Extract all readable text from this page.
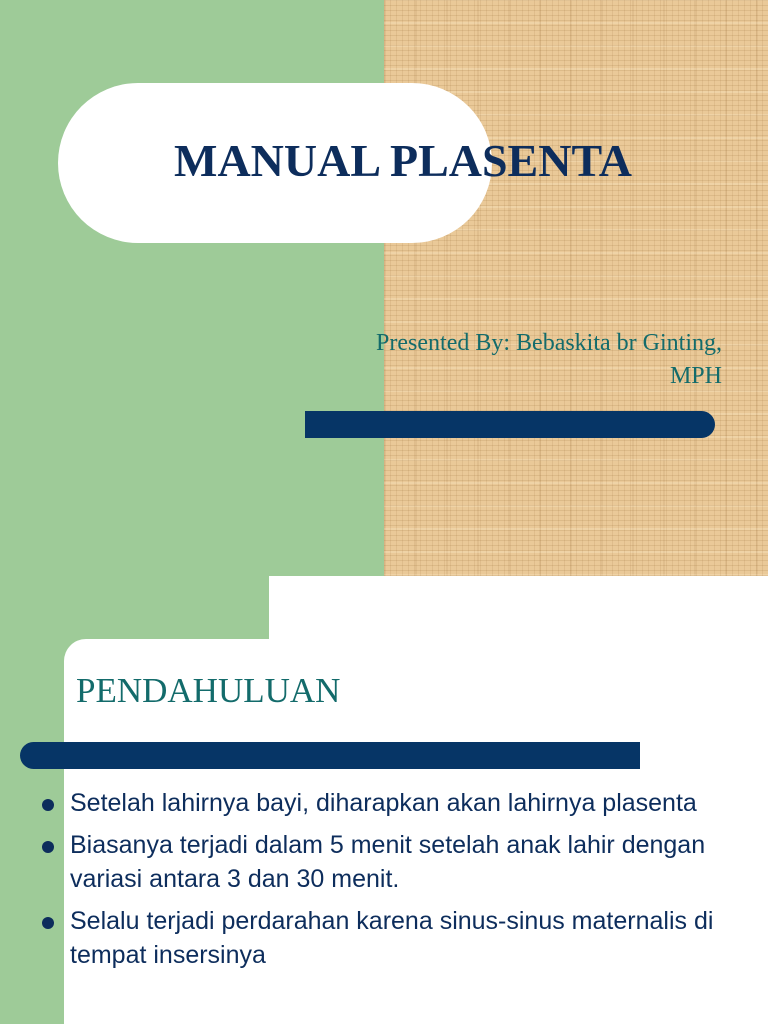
MANUAL PLASENTA
Presented By: Bebaskita br Ginting,
MPH
PENDAHULUAN
Setelah lahirnya bayi, diharapkan akan lahirnya plasenta
Biasanya terjadi dalam 5 menit setelah anak lahir dengan variasi antara 3 dan 30 menit.
Selalu terjadi perdarahan karena sinus-sinus maternalis di tempat insersinya
